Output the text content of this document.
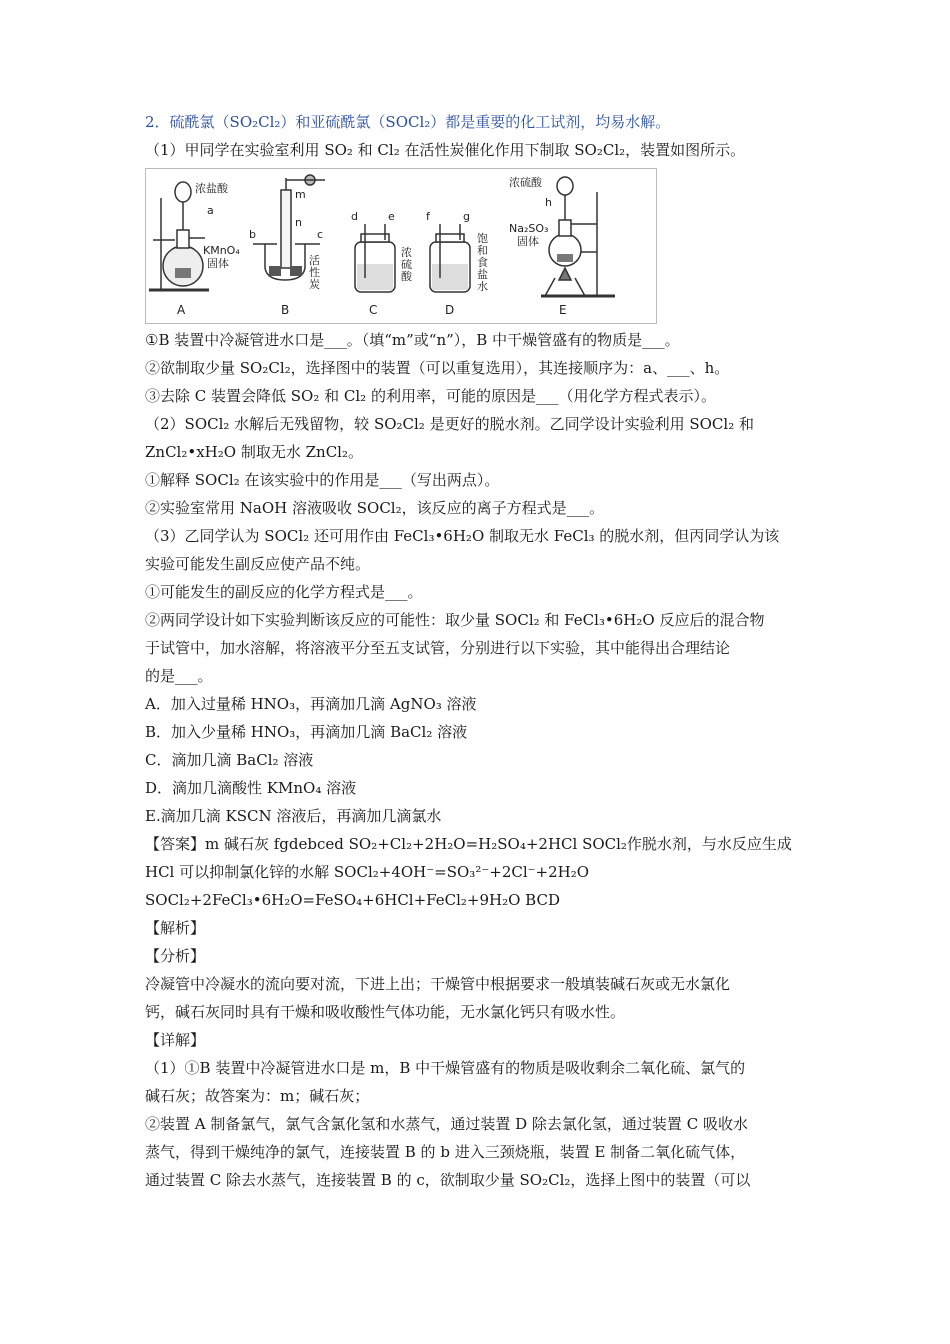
2．硫酰氯（SO₂Cl₂）和亚硫酰氯（SOCl₂）都是重要的化工试剂，均易水解。
（1）甲同学在实验室利用 SO₂ 和 Cl₂ 在活性炭催化作用下制取 SO₂Cl₂，装置如图所示。
浓盐酸
a
KMnO₄
固体
A
m
n
b	c
活
性
炭
B
d	e
浓
硫
酸
C
f	g
饱
和
食
盐
水
D
浓硫酸
h
Na₂SO₃
固体
E
①B 装置中冷凝管进水口是___。（填“m”或“n”），B 中干燥管盛有的物质是___。
②欲制取少量 SO₂Cl₂，选择图中的装置（可以重复选用），其连接顺序为：a、___、h。
③去除 C 装置会降低 SO₂ 和 Cl₂ 的利用率，可能的原因是___（用化学方程式表示）。
（2）SOCl₂ 水解后无残留物，较 SO₂Cl₂ 是更好的脱水剂。乙同学设计实验利用 SOCl₂ 和
ZnCl₂•xH₂O 制取无水 ZnCl₂。
①解释 SOCl₂ 在该实验中的作用是___（写出两点）。
②实验室常用 NaOH 溶液吸收 SOCl₂，该反应的离子方程式是___。
（3）乙同学认为 SOCl₂ 还可用作由 FeCl₃•6H₂O 制取无水 FeCl₃ 的脱水剂，但丙同学认为该
实验可能发生副反应使产品不纯。
①可能发生的副反应的化学方程式是___。
②两同学设计如下实验判断该反应的可能性：取少量 SOCl₂ 和 FeCl₃•6H₂O 反应后的混合物
于试管中，加水溶解，将溶液平分至五支试管，分别进行以下实验，其中能得出合理结论
的是___。
A．加入过量稀 HNO₃，再滴加几滴 AgNO₃ 溶液
B．加入少量稀 HNO₃，再滴加几滴 BaCl₂ 溶液
C．滴加几滴 BaCl₂ 溶液
D．滴加几滴酸性 KMnO₄ 溶液
E.滴加几滴 KSCN 溶液后，再滴加几滴氯水
【答案】m 碱石灰 fgdebced SO₂+Cl₂+2H₂O=H₂SO₄+2HCl SOCl₂作脱水剂，与水反应生成
HCl 可以抑制氯化锌的水解 SOCl₂+4OH⁻=SO₃²⁻+2Cl⁻+2H₂O
SOCl₂+2FeCl₃•6H₂O=FeSO₄+6HCl+FeCl₂+9H₂O BCD
【解析】
【分析】
冷凝管中冷凝水的流向要对流，下进上出；干燥管中根据要求一般填装碱石灰或无水氯化
钙，碱石灰同时具有干燥和吸收酸性气体功能，无水氯化钙只有吸水性。
【详解】
（1）①B 装置中冷凝管进水口是 m，B 中干燥管盛有的物质是吸收剩余二氧化硫、氯气的
碱石灰；故答案为：m；碱石灰；
②装置 A 制备氯气，氯气含氯化氢和水蒸气，通过装置 D 除去氯化氢，通过装置 C 吸收水
蒸气，得到干燥纯净的氯气，连接装置 B 的 b 进入三颈烧瓶，装置 E 制备二氧化硫气体，
通过装置 C 除去水蒸气，连接装置 B 的 c，欲制取少量 SO₂Cl₂，选择上图中的装置（可以
